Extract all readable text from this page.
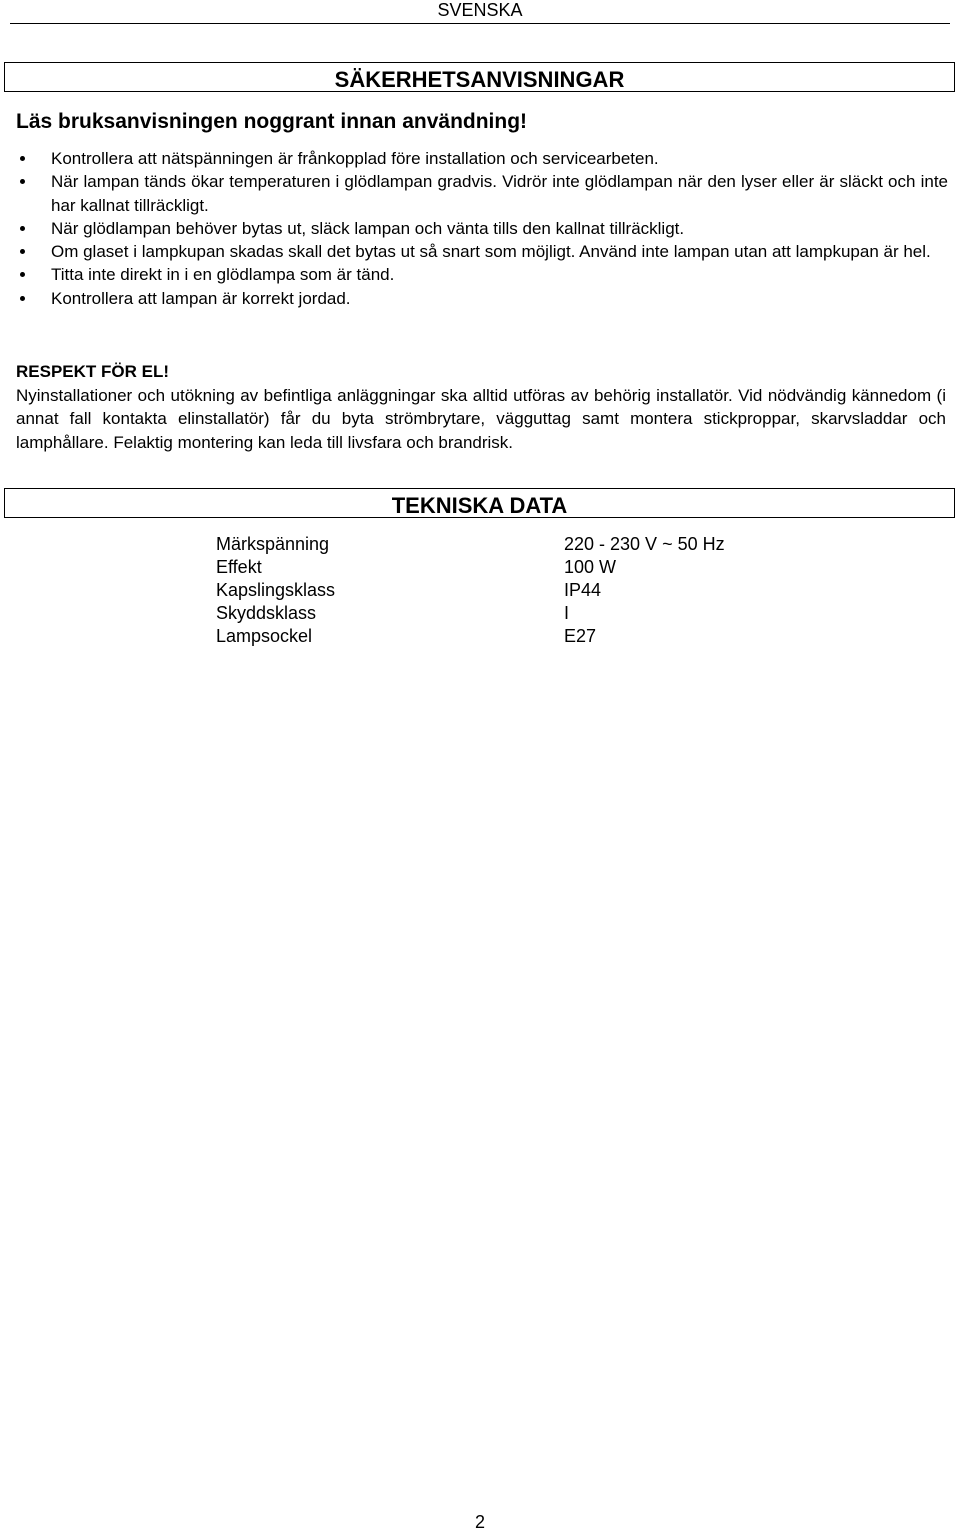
SVENSKA
SÄKERHETSANVISNINGAR
Läs bruksanvisningen noggrant innan användning!
Kontrollera att nätspänningen är frånkopplad före installation och servicearbeten.
När lampan tänds ökar temperaturen i glödlampan gradvis. Vidrör inte glödlampan när den lyser eller är släckt och inte har kallnat tillräckligt.
När glödlampan behöver bytas ut, släck lampan och vänta tills den kallnat tillräckligt.
Om glaset i lampkupan skadas skall det bytas ut så snart som möjligt. Använd inte lampan utan att lampkupan är hel.
Titta inte direkt in i en glödlampa som är tänd.
Kontrollera att lampan är korrekt jordad.
RESPEKT FÖR EL!

Nyinstallationer och utökning av befintliga anläggningar ska alltid utföras av behörig installatör. Vid nödvändig kännedom (i annat fall kontakta elinstallatör) får du byta strömbrytare, vägguttag samt montera stickproppar, skarvsladdar och lamphållare. Felaktig montering kan leda till livsfara och brandrisk.

TEKNISKA DATA
Märkspänning	220 - 230 V ~ 50 Hz
Effekt	100 W
Kapslingsklass	IP44
Skyddsklass	I
Lampsockel	E27
2
